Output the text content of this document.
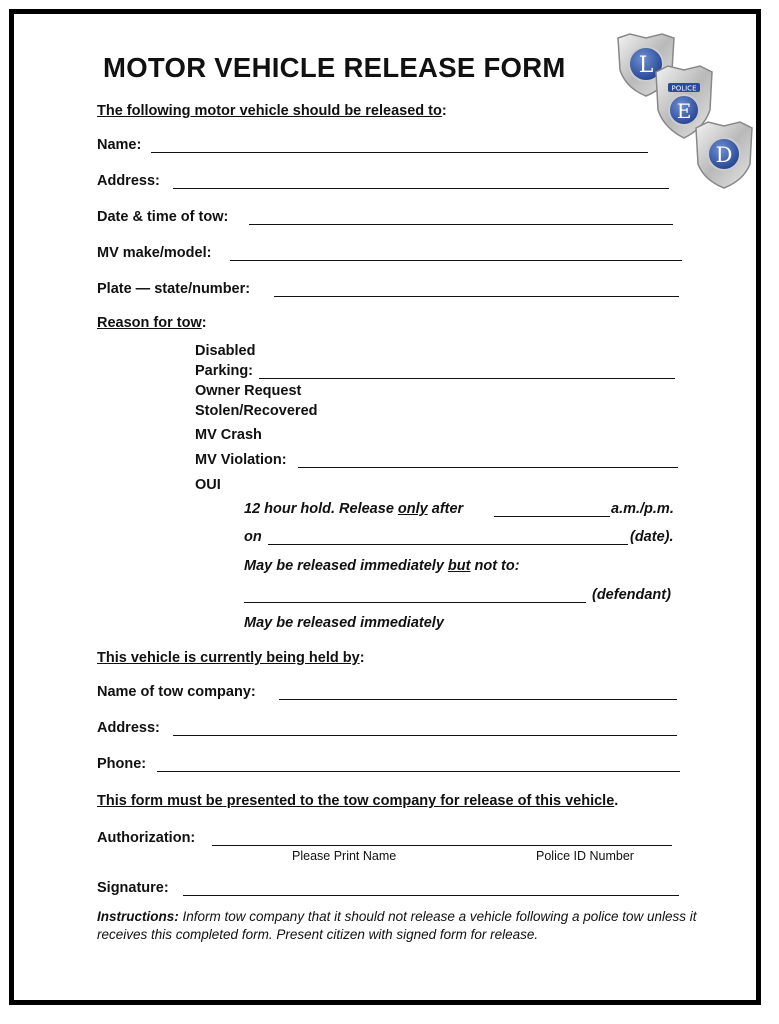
MOTOR VEHICLE RELEASE FORM	L
POLICE
E
D
The following motor vehicle should be released to:
Name:
Address:
Date & time of tow:
MV make/model:
Plate — state/number:
Reason for tow:
Disabled
Parking:
Owner Request
Stolen/Recovered
MV Crash
MV Violation:
OUI
12 hour hold. Release only after	a.m./p.m.
on	(date).
May be released immediately but not to:
(defendant)
May be released immediately
This vehicle is currently being held by:
Name of tow company:
Address:
Phone:
This form must be presented to the tow company for release of this vehicle.
Authorization:
Please Print Name	Police ID Number
Signature:
Instructions: Inform tow company that it should not release a vehicle following a police tow unless it receives this completed form. Present citizen with signed form for release.
